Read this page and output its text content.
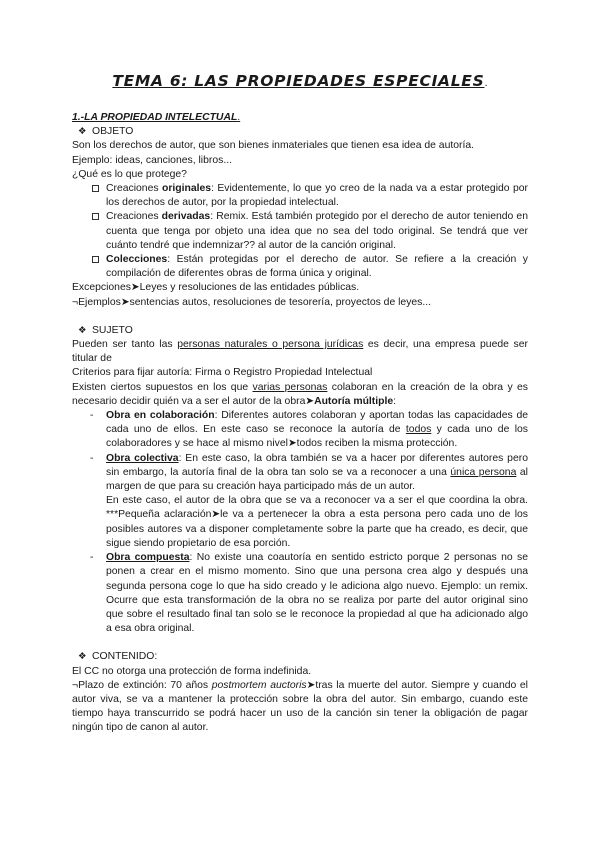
TEMA 6: LAS PROPIEDADES ESPECIALES.
1.-LA PROPIEDAD INTELECTUAL.
❖ OBJETO

Son los derechos de autor, que son bienes inmateriales que tienen esa idea de autoría.

Ejemplo: ideas, canciones, libros...

¿Qué es lo que protege?

Creaciones originales: Evidentemente, lo que yo creo de la nada va a estar protegido por los derechos de autor, por la propiedad intelectual.
Creaciones derivadas: Remix. Está también protegido por el derecho de autor teniendo en cuenta que tenga por objeto una idea que no sea del todo original. Se tendrá que ver cuánto tendré que indemnizar?? al autor de la canción original.
Colecciones: Están protegidas por el derecho de autor. Se refiere a la creación y compilación de diferentes obras de forma única y original.

Excepciones➤Leyes y resoluciones de las entidades públicas.

¬Ejemplos➤sentencias autos, resoluciones de tesorería, proyectos de leyes...

❖ SUJETO

Pueden ser tanto las personas naturales o persona jurídicas es decir, una empresa puede ser titular de

Criterios para fijar autoría: Firma o Registro Propiedad Intelectual

Existen ciertos supuestos en los que varias personas colaboran en la creación de la obra y es necesario decidir quién va a ser el autor de la obra➤Autoría múltiple:

- Obra en colaboración: Diferentes autores colaboran y aportan todas las capacidades de cada uno de ellos. En este caso se reconoce la autoría de todos y cada uno de los colaboradores y se hace al mismo nivel➤todos reciben la misma protección.
- Obra colectiva: En este caso, la obra también se va a hacer por diferentes autores pero sin embargo, la autoría final de la obra tan solo se va a reconocer a una única persona al margen de que para su creación haya participado más de un autor.
En este caso, el autor de la obra que se va a reconocer va a ser el que coordina la obra. ***Pequeña aclaración➤le va a pertenecer la obra a esta persona pero cada uno de los posibles autores va a disponer completamente sobre la parte que ha creado, es decir, que sigue siendo propietario de esa porción.
- Obra compuesta: No existe una coautoría en sentido estricto porque 2 personas no se ponen a crear en el mismo momento. Sino que una persona crea algo y después una segunda persona coge lo que ha sido creado y le adiciona algo nuevo. Ejemplo: un remix. Ocurre que esta transformación de la obra no se realiza por parte del autor original sino que sobre el resultado final tan solo se le reconoce la propiedad al que ha adicionado algo a esa obra original.
❖ CONTENIDO:

El CC no otorga una protección de forma indefinida.

¬Plazo de extinción: 70 años postmortem auctoris➤tras la muerte del autor. Siempre y cuando el autor viva, se va a mantener la protección sobre la obra del autor. Sin embargo, cuando este tiempo haya transcurrido se podrá hacer un uso de la canción sin tener la obligación de pagar ningún tipo de canon al autor.
